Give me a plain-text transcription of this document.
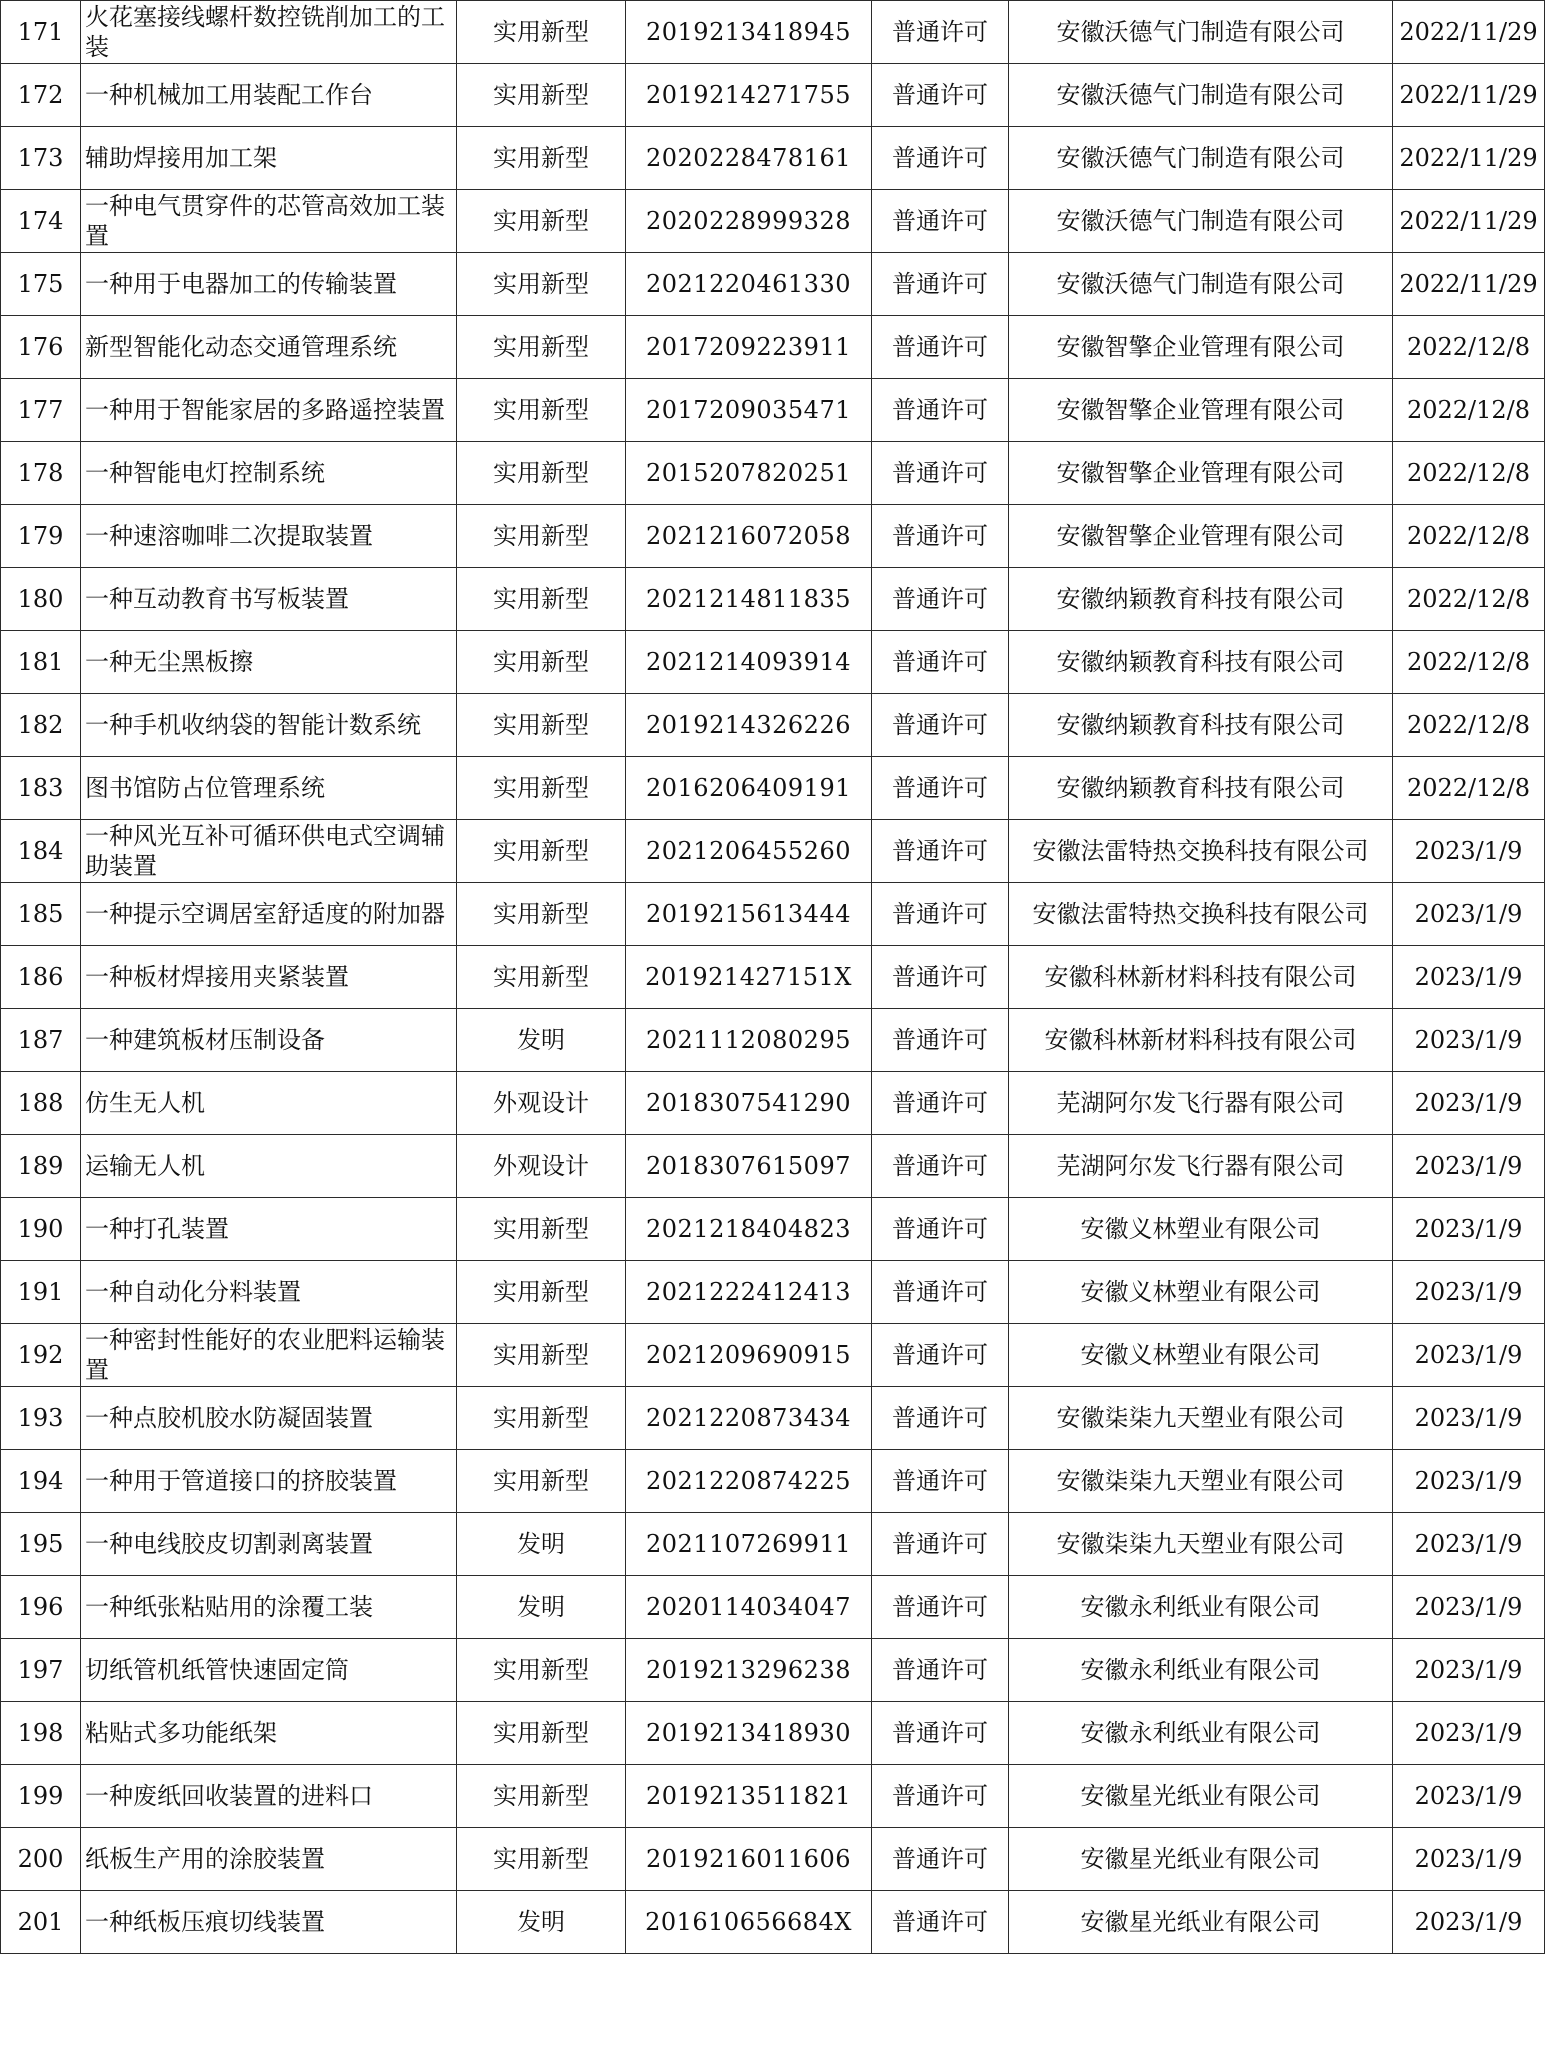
171	火花塞接线螺杆数控铣削加工的工装	实用新型	2019213418945	普通许可	安徽沃德气门制造有限公司	2022/11/29
172	一种机械加工用装配工作台	实用新型	2019214271755	普通许可	安徽沃德气门制造有限公司	2022/11/29
173	辅助焊接用加工架	实用新型	2020228478161	普通许可	安徽沃德气门制造有限公司	2022/11/29
174	一种电气贯穿件的芯管高效加工装置	实用新型	2020228999328	普通许可	安徽沃德气门制造有限公司	2022/11/29
175	一种用于电器加工的传输装置	实用新型	2021220461330	普通许可	安徽沃德气门制造有限公司	2022/11/29
176	新型智能化动态交通管理系统	实用新型	2017209223911	普通许可	安徽智擎企业管理有限公司	2022/12/8
177	一种用于智能家居的多路遥控装置	实用新型	2017209035471	普通许可	安徽智擎企业管理有限公司	2022/12/8
178	一种智能电灯控制系统	实用新型	2015207820251	普通许可	安徽智擎企业管理有限公司	2022/12/8
179	一种速溶咖啡二次提取装置	实用新型	2021216072058	普通许可	安徽智擎企业管理有限公司	2022/12/8
180	一种互动教育书写板装置	实用新型	2021214811835	普通许可	安徽纳颖教育科技有限公司	2022/12/8
181	一种无尘黑板擦	实用新型	2021214093914	普通许可	安徽纳颖教育科技有限公司	2022/12/8
182	一种手机收纳袋的智能计数系统	实用新型	2019214326226	普通许可	安徽纳颖教育科技有限公司	2022/12/8
183	图书馆防占位管理系统	实用新型	2016206409191	普通许可	安徽纳颖教育科技有限公司	2022/12/8
184	一种风光互补可循环供电式空调辅助装置	实用新型	2021206455260	普通许可	安徽法雷特热交换科技有限公司	2023/1/9
185	一种提示空调居室舒适度的附加器	实用新型	2019215613444	普通许可	安徽法雷特热交换科技有限公司	2023/1/9
186	一种板材焊接用夹紧装置	实用新型	201921427151X	普通许可	安徽科林新材料科技有限公司	2023/1/9
187	一种建筑板材压制设备	发明	2021112080295	普通许可	安徽科林新材料科技有限公司	2023/1/9
188	仿生无人机	外观设计	2018307541290	普通许可	芜湖阿尔发飞行器有限公司	2023/1/9
189	运输无人机	外观设计	2018307615097	普通许可	芜湖阿尔发飞行器有限公司	2023/1/9
190	一种打孔装置	实用新型	2021218404823	普通许可	安徽义林塑业有限公司	2023/1/9
191	一种自动化分料装置	实用新型	2021222412413	普通许可	安徽义林塑业有限公司	2023/1/9
192	一种密封性能好的农业肥料运输装置	实用新型	2021209690915	普通许可	安徽义林塑业有限公司	2023/1/9
193	一种点胶机胶水防凝固装置	实用新型	2021220873434	普通许可	安徽柒柒九天塑业有限公司	2023/1/9
194	一种用于管道接口的挤胶装置	实用新型	2021220874225	普通许可	安徽柒柒九天塑业有限公司	2023/1/9
195	一种电线胶皮切割剥离装置	发明	2021107269911	普通许可	安徽柒柒九天塑业有限公司	2023/1/9
196	一种纸张粘贴用的涂覆工装	发明	2020114034047	普通许可	安徽永利纸业有限公司	2023/1/9
197	切纸管机纸管快速固定筒	实用新型	2019213296238	普通许可	安徽永利纸业有限公司	2023/1/9
198	粘贴式多功能纸架	实用新型	2019213418930	普通许可	安徽永利纸业有限公司	2023/1/9
199	一种废纸回收装置的进料口	实用新型	2019213511821	普通许可	安徽星光纸业有限公司	2023/1/9
200	纸板生产用的涂胶装置	实用新型	2019216011606	普通许可	安徽星光纸业有限公司	2023/1/9
201	一种纸板压痕切线装置	发明	201610656684X	普通许可	安徽星光纸业有限公司	2023/1/9
